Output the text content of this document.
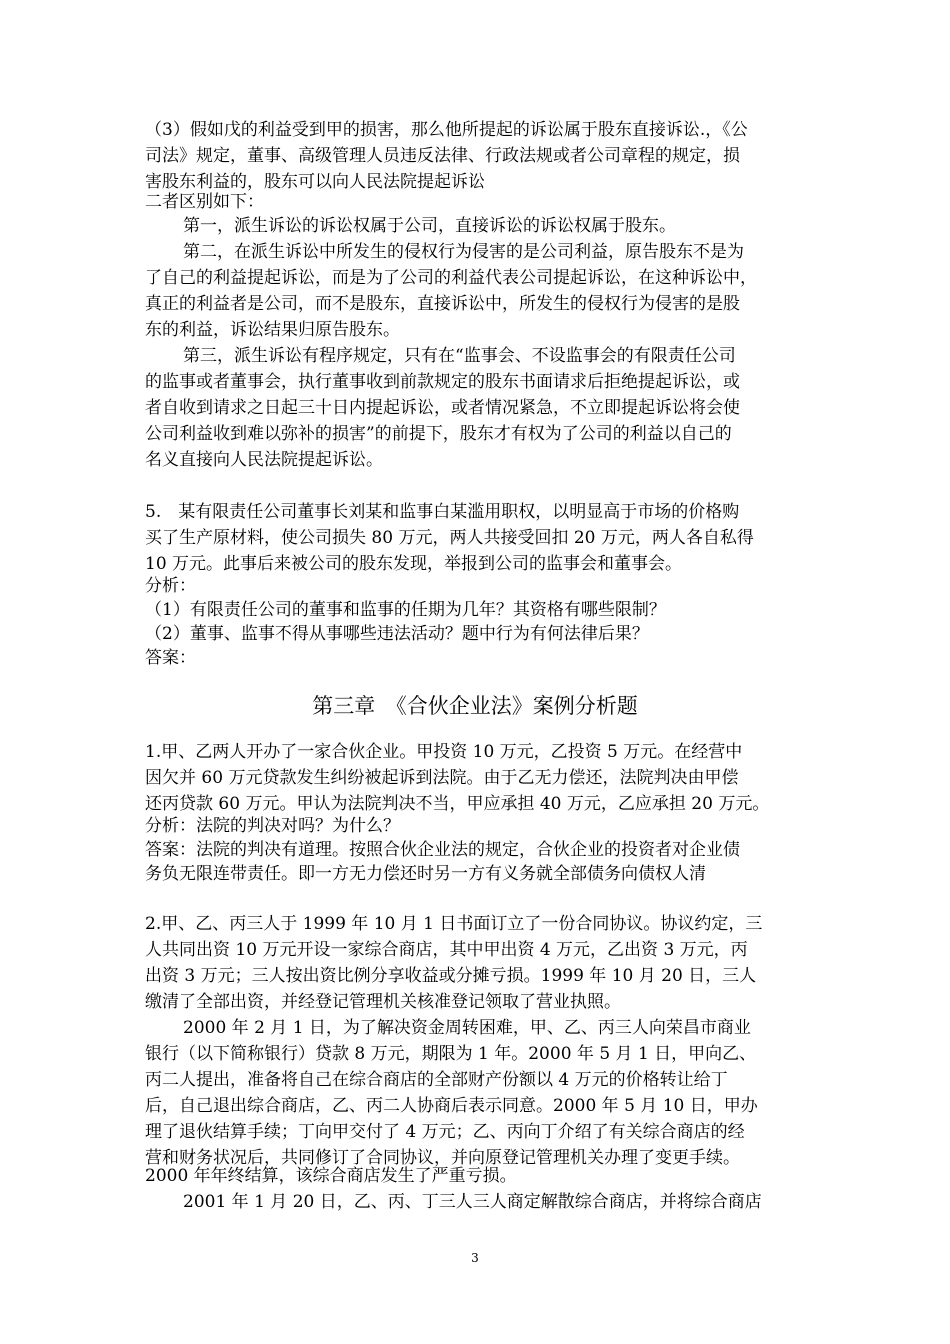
（3）假如戊的利益受到甲的损害，那么他所提起的诉讼属于股东直接诉讼.，《公
司法》规定，董事、高级管理人员违反法律、行政法规或者公司章程的规定，损
害股东利益的，股东可以向人民法院提起诉讼
二者区别如下：
第一，派生诉讼的诉讼权属于公司，直接诉讼的诉讼权属于股东。
第二，在派生诉讼中所发生的侵权行为侵害的是公司利益，原告股东不是为
了自己的利益提起诉讼，而是为了公司的利益代表公司提起诉讼，在这种诉讼中，
真正的利益者是公司，而不是股东，直接诉讼中，所发生的侵权行为侵害的是股
东的利益，诉讼结果归原告股东。
第三，派生诉讼有程序规定，只有在“监事会、不设监事会的有限责任公司
的监事或者董事会，执行董事收到前款规定的股东书面请求后拒绝提起诉讼，或
者自收到请求之日起三十日内提起诉讼，或者情况紧急，不立即提起诉讼将会使
公司利益收到难以弥补的损害”的前提下，股东才有权为了公司的利益以自己的
名义直接向人民法院提起诉讼。
5.　某有限责任公司董事长刘某和监事白某滥用职权，以明显高于市场的价格购
买了生产原材料，使公司损失 80 万元，两人共接受回扣 20 万元，两人各自私得
10 万元。此事后来被公司的股东发现，举报到公司的监事会和董事会。
分析：
（1）有限责任公司的董事和监事的任期为几年？其资格有哪些限制？
（2）董事、监事不得从事哪些违法活动？题中行为有何法律后果？
答案：
第三章　《合伙企业法》案例分析题
1.甲、乙两人开办了一家合伙企业。甲投资 10 万元，乙投资 5 万元。在经营中
因欠并 60 万元贷款发生纠纷被起诉到法院。由于乙无力偿还，法院判决由甲偿
还丙贷款 60 万元。甲认为法院判决不当，甲应承担 40 万元，乙应承担 20 万元。
分析：法院的判决对吗？为什么？
答案：法院的判决有道理。按照合伙企业法的规定，合伙企业的投资者对企业债
务负无限连带责任。即一方无力偿还时另一方有义务就全部债务向债权人清
2.甲、乙、丙三人于 1999 年 10 月 1 日书面订立了一份合同协议。协议约定，三
人共同出资 10 万元开设一家综合商店，其中甲出资 4 万元，乙出资 3 万元，丙
出资 3 万元；三人按出资比例分享收益或分摊亏损。1999 年 10 月 20 日，三人
缴清了全部出资，并经登记管理机关核准登记领取了营业执照。
2000 年 2 月 1 日，为了解决资金周转困难，甲、乙、丙三人向荣昌市商业
银行（以下简称银行）贷款 8 万元，期限为 1 年。2000 年 5 月 1 日，甲向乙、
丙二人提出，准备将自己在综合商店的全部财产份额以 4 万元的价格转让给丁
后，自己退出综合商店，乙、丙二人协商后表示同意。2000 年 5 月 10 日，甲办
理了退伙结算手续；丁向甲交付了 4 万元；乙、丙向丁介绍了有关综合商店的经
营和财务状况后，共同修订了合同协议，并向原登记管理机关办理了变更手续。
2000 年年终结算，该综合商店发生了严重亏损。
2001 年 1 月 20 日，乙、丙、丁三人三人商定解散综合商店，并将综合商店
3
